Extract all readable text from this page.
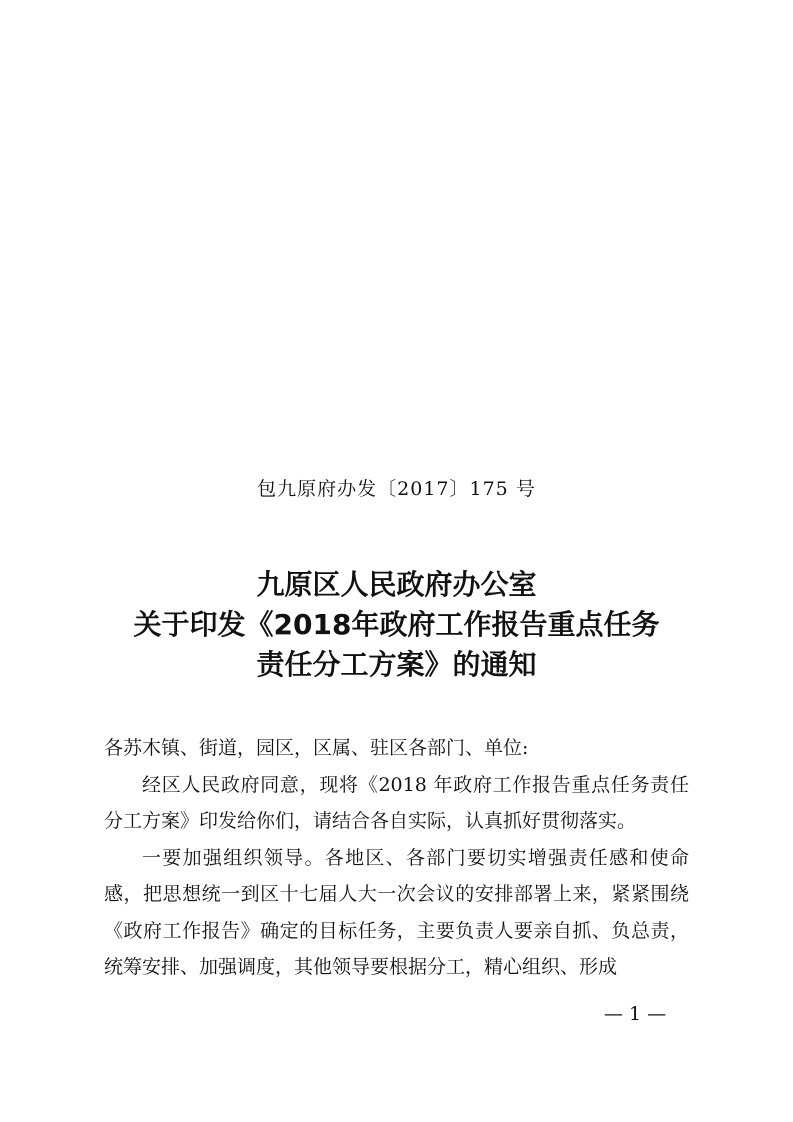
包九原府办发〔2017〕175 号
九原区人民政府办公室
关于印发《2018年政府工作报告重点任务
责任分工方案》的通知

各苏木镇、街道，园区，区属、驻区各部门、单位:

经区人民政府同意，现将《2018 年政府工作报告重点任务责任分工方案》印发给你们，请结合各自实际，认真抓好贯彻落实。

一要加强组织领导。各地区、各部门要切实增强责任感和使命感，把思想统一到区十七届人大一次会议的安排部署上来，紧紧围绕《政府工作报告》确定的目标任务，主要负责人要亲自抓、负总责，统筹安排、加强调度，其他领导要根据分工，精心组织、形成

— 1 —
